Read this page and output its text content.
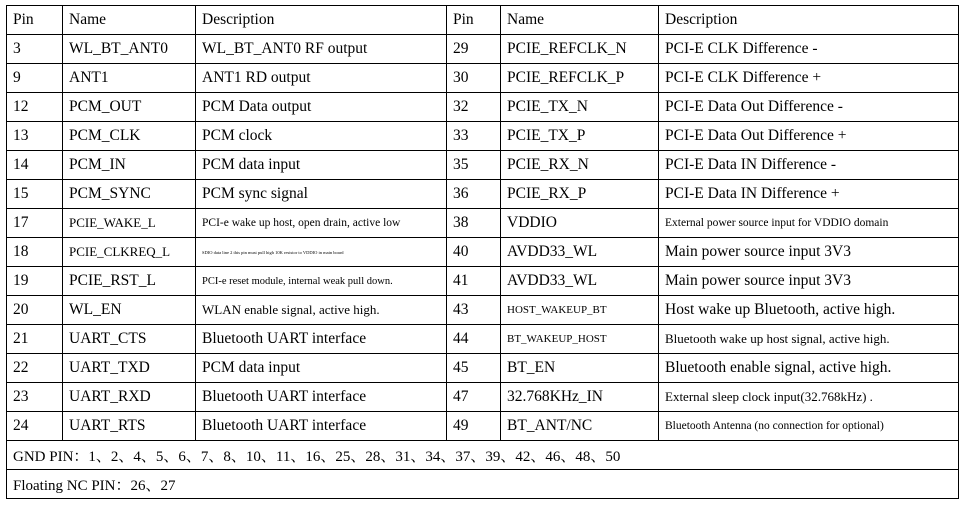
Pin	Name	Description	Pin	Name	Description
3	WL_BT_ANT0	WL_BT_ANT0 RF output	29	PCIE_REFCLK_N	PCI-E CLK Difference -
9	ANT1	ANT1 RD output	30	PCIE_REFCLK_P	PCI-E CLK Difference +
12	PCM_OUT	PCM Data output	32	PCIE_TX_N	PCI-E Data Out Difference -
13	PCM_CLK	PCM clock	33	PCIE_TX_P	PCI-E Data Out Difference +
14	PCM_IN	PCM data input	35	PCIE_RX_N	PCI-E Data IN Difference -
15	PCM_SYNC	PCM sync signal	36	PCIE_RX_P	PCI-E Data IN Difference +
17	PCIE_WAKE_L	PCI-e wake up host, open drain, active low	38	VDDIO	External power source input for VDDIO domain
18	PCIE_CLKREQ_L	SDIO data line 2 this pin must pull high 10K resistor to VDDIO in main board	40	AVDD33_WL	Main power source input 3V3
19	PCIE_RST_L	PCI-e reset module, internal weak pull down.	41	AVDD33_WL	Main power source input 3V3
20	WL_EN	WLAN enable signal, active high.	43	HOST_WAKEUP_BT	Host wake up Bluetooth, active high.
21	UART_CTS	Bluetooth UART interface	44	BT_WAKEUP_HOST	Bluetooth wake up host signal, active high.
22	UART_TXD	PCM data input	45	BT_EN	Bluetooth enable signal, active high.
23	UART_RXD	Bluetooth UART interface	47	32.768KHz_IN	External sleep clock input(32.768kHz) .
24	UART_RTS	Bluetooth UART interface	49	BT_ANT/NC	Bluetooth Antenna (no connection for optional)
GND PIN：1、2、4、5、6、7、8、10、11、16、25、28、31、34、37、39、42、46、48、50					
Floating NC PIN：26、27					
